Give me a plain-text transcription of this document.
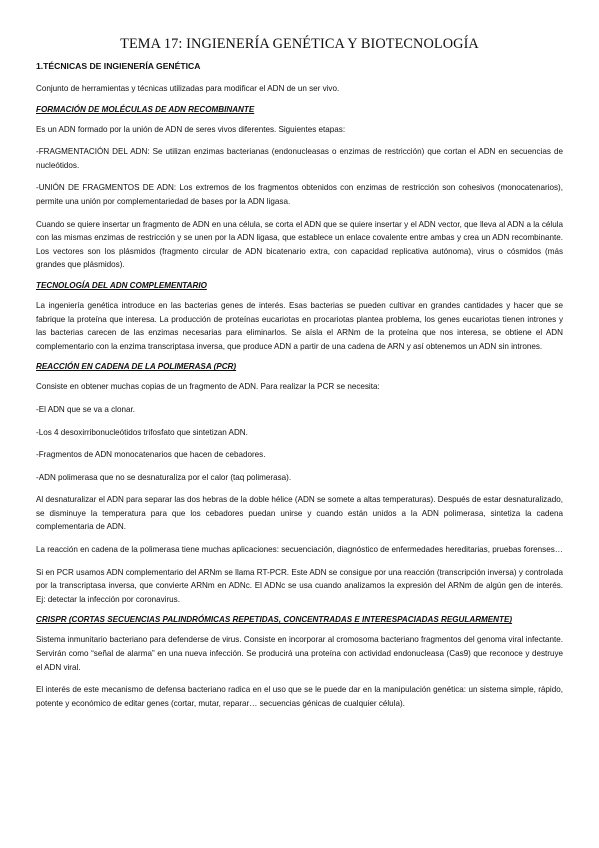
TEMA 17: INGIENERÍA GENÉTICA Y BIOTECNOLOGÍA
1.TÉCNICAS DE INGIENERÍA GENÉTICA

Conjunto de herramientas y técnicas utilizadas para modificar el ADN de un ser vivo.

FORMACIÓN DE MOLÉCULAS DE ADN RECOMBINANTE

Es un ADN formado por la unión de ADN de seres vivos diferentes. Siguientes etapas:

-FRAGMENTACIÓN DEL ADN: Se utilizan enzimas bacterianas (endonucleasas o enzimas de restricción) que cortan el ADN en secuencias de nucleótidos.

-UNIÓN DE FRAGMENTOS DE ADN: Los extremos de los fragmentos obtenidos con enzimas de restricción son cohesivos (monocatenarios), permite una unión por complementariedad de bases por la ADN ligasa.

Cuando se quiere insertar un fragmento de ADN en una célula, se corta el ADN que se quiere insertar y el ADN vector, que lleva al ADN a la célula con las mismas enzimas de restricción y se unen por la ADN ligasa, que establece un enlace covalente entre ambas y crea un ADN recombinante. Los vectores son los plásmidos (fragmento circular de ADN bicatenario extra, con capacidad replicativa autónoma), virus o cósmidos (más grandes que plásmidos).

TECNOLOGÍA DEL ADN COMPLEMENTARIO

La ingeniería genética introduce en las bacterias genes de interés. Esas bacterias se pueden cultivar en grandes cantidades y hacer que se fabrique la proteína que interesa. La producción de proteínas eucariotas en procariotas plantea problema, los genes eucariotas tienen intrones y las bacterias carecen de las enzimas necesarias para eliminarlos. Se aísla el ARNm de la proteína que nos interesa, se obtiene el ADN complementario con la enzima transcriptasa inversa, que produce ADN a partir de una cadena de ARN y así obtenemos un ADN sin intrones.

REACCIÓN EN CADENA DE LA POLIMERASA (PCR)

Consiste en obtener muchas copias de un fragmento de ADN. Para realizar la PCR se necesita:

-El ADN que se va a clonar.

-Los 4 desoxirribonucleótidos trifosfato que sintetizan ADN.

-Fragmentos de ADN monocatenarios que hacen de cebadores.

-ADN polimerasa que no se desnaturaliza por el calor (taq polimerasa).

Al desnaturalizar el ADN para separar las dos hebras de la doble hélice (ADN se somete a altas temperaturas). Después de estar desnaturalizado, se disminuye la temperatura para que los cebadores puedan unirse y cuando están unidos a la ADN polimerasa, sintetiza la cadena complementaria de ADN.

La reacción en cadena de la polimerasa tiene muchas aplicaciones: secuenciación, diagnóstico de enfermedades hereditarias, pruebas forenses…

Si en PCR usamos ADN complementario del ARNm se llama RT-PCR. Este ADN se consigue por una reacción (transcripción inversa) y controlada por la transcriptasa inversa, que convierte ARNm en ADNc. El ADNc se usa cuando analizamos la expresión del ARNm de algún gen de interés. Ej: detectar la infección por coronavirus.

CRISPR (CORTAS SECUENCIAS PALINDRÓMICAS REPETIDAS, CONCENTRADAS E INTERESPACIADAS REGULARMENTE)

Sistema inmunitario bacteriano para defenderse de virus. Consiste en incorporar al cromosoma bacteriano fragmentos del genoma viral infectante. Servirán como “señal de alarma” en una nueva infección. Se producirá una proteína con actividad endonucleasa (Cas9) que reconoce y destruye el ADN viral.

El interés de este mecanismo de defensa bacteriano radica en el uso que se le puede dar en la manipulación genética: un sistema simple, rápido, potente y económico de editar genes (cortar, mutar, reparar… secuencias génicas de cualquier célula).
